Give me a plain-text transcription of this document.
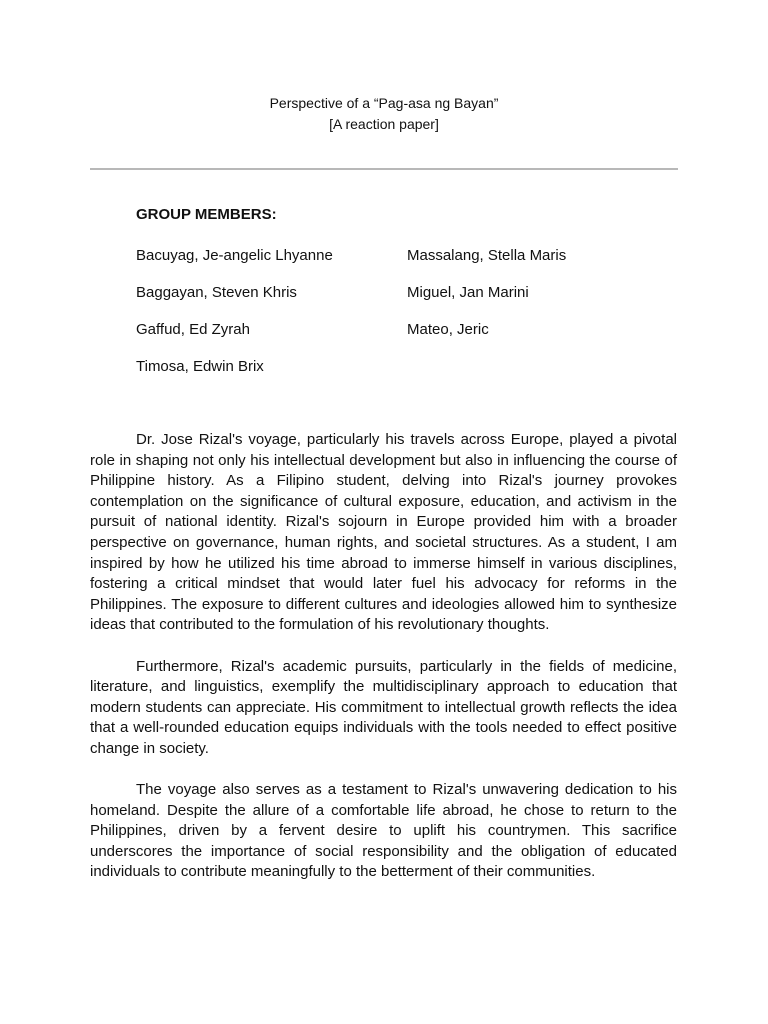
Perspective of a “Pag-asa ng Bayan”
[A reaction paper]
GROUP MEMBERS:
Bacuyag, Je-angelic Lhyanne	Massalang, Stella Maris
Baggayan, Steven Khris	Miguel, Jan Marini
Gaffud, Ed Zyrah	Mateo, Jeric
Timosa, Edwin Brix

Dr. Jose Rizal's voyage, particularly his travels across Europe, played a pivotal role in shaping not only his intellectual development but also in influencing the course of Philippine history. As a Filipino student, delving into Rizal's journey provokes contemplation on the significance of cultural exposure, education, and activism in the pursuit of national identity. Rizal's sojourn in Europe provided him with a broader perspective on governance, human rights, and societal structures. As a student, I am inspired by how he utilized his time abroad to immerse himself in various disciplines, fostering a critical mindset that would later fuel his advocacy for reforms in the Philippines. The exposure to different cultures and ideologies allowed him to synthesize ideas that contributed to the formulation of his revolutionary thoughts.

Furthermore, Rizal's academic pursuits, particularly in the fields of medicine, literature, and linguistics, exemplify the multidisciplinary approach to education that modern students can appreciate. His commitment to intellectual growth reflects the idea that a well-rounded education equips individuals with the tools needed to effect positive change in society.

The voyage also serves as a testament to Rizal's unwavering dedication to his homeland. Despite the allure of a comfortable life abroad, he chose to return to the Philippines, driven by a fervent desire to uplift his countrymen. This sacrifice underscores the importance of social responsibility and the obligation of educated individuals to contribute meaningfully to the betterment of their communities.
